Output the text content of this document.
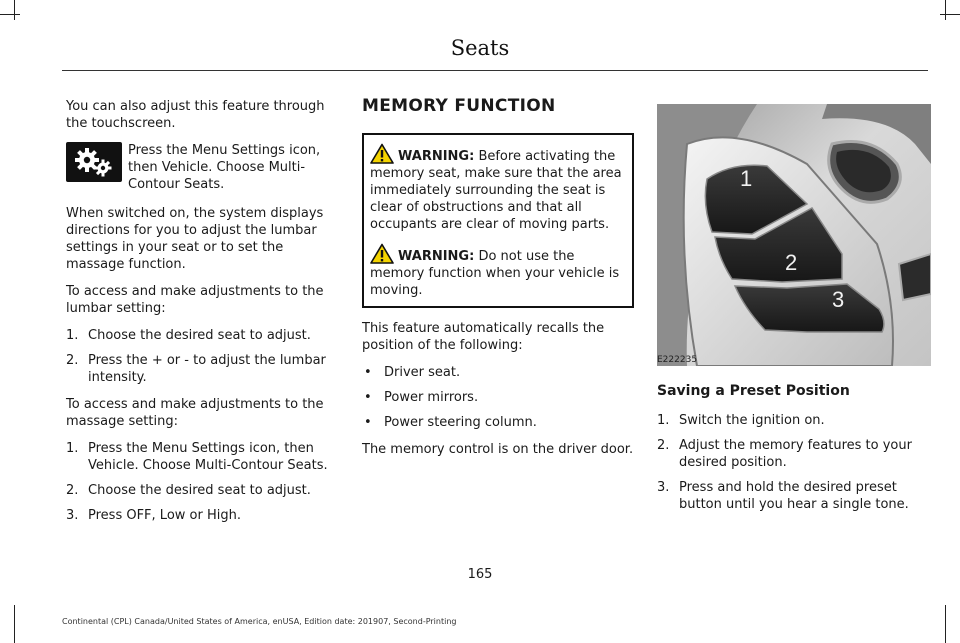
Seats

You can also adjust this feature through the touchscreen.

Press the Menu Settings icon, then Vehicle. Choose Multi-Contour Seats.

When switched on, the system displays directions for you to adjust the lumbar settings in your seat or to set the massage function.

To access and make adjustments to the lumbar setting:

1. Choose the desired seat to adjust.
2. Press the + or - to adjust the lumbar intensity.

To access and make adjustments to the massage setting:

1. Press the Menu Settings icon, then Vehicle. Choose Multi-Contour Seats.
2. Choose the desired seat to adjust.
3. Press OFF, Low or High.
MEMORY FUNCTION

WARNING: Before activating the memory seat, make sure that the area immediately surrounding the seat is clear of obstructions and that all occupants are clear of moving parts.

WARNING: Do not use the memory function when your vehicle is moving.

This feature automatically recalls the position of the following:

• Driver seat.
• Power mirrors.
• Power steering column.

The memory control is on the driver door.

1
2
3
E222235
Saving a Preset Position
1. Switch the ignition on.
2. Adjust the memory features to your desired position.
3. Press and hold the desired preset button until you hear a single tone.
165
Continental (CPL) Canada/United States of America, enUSA, Edition date: 201907, Second-Printing
